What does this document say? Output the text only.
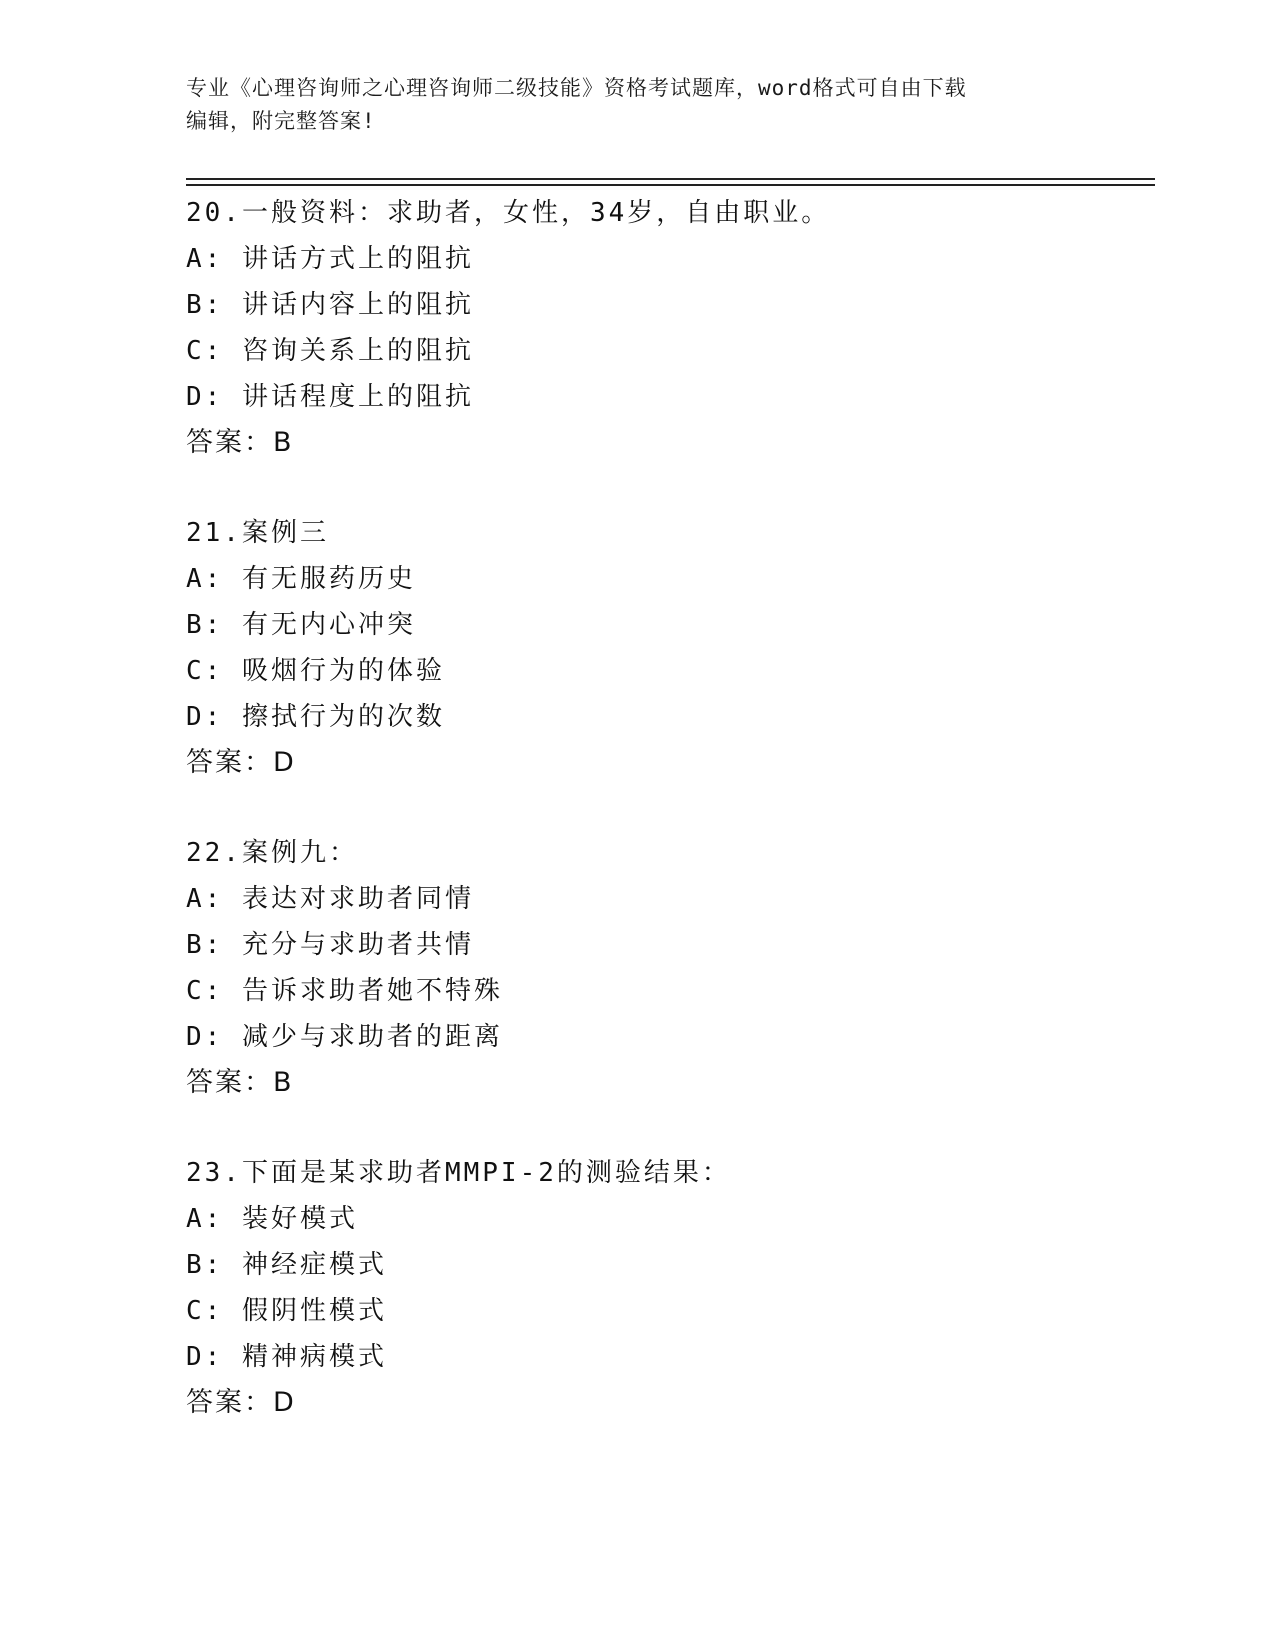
专业《心理咨询师之心理咨询师二级技能》资格考试题库，word格式可自由下载
编辑，附完整答案!
20.一般资料：求助者，女性，34岁，自由职业。
A: 讲话方式上的阻抗
B: 讲话内容上的阻抗
C: 咨询关系上的阻抗
D: 讲话程度上的阻抗
答案：B
21.案例三
A: 有无服药历史
B: 有无内心冲突
C: 吸烟行为的体验
D: 擦拭行为的次数
答案：D
22.案例九：
A: 表达对求助者同情
B: 充分与求助者共情
C: 告诉求助者她不特殊
D: 减少与求助者的距离
答案：B
23.下面是某求助者MMPI-2的测验结果：
A: 装好模式
B: 神经症模式
C: 假阴性模式
D: 精神病模式
答案：D
